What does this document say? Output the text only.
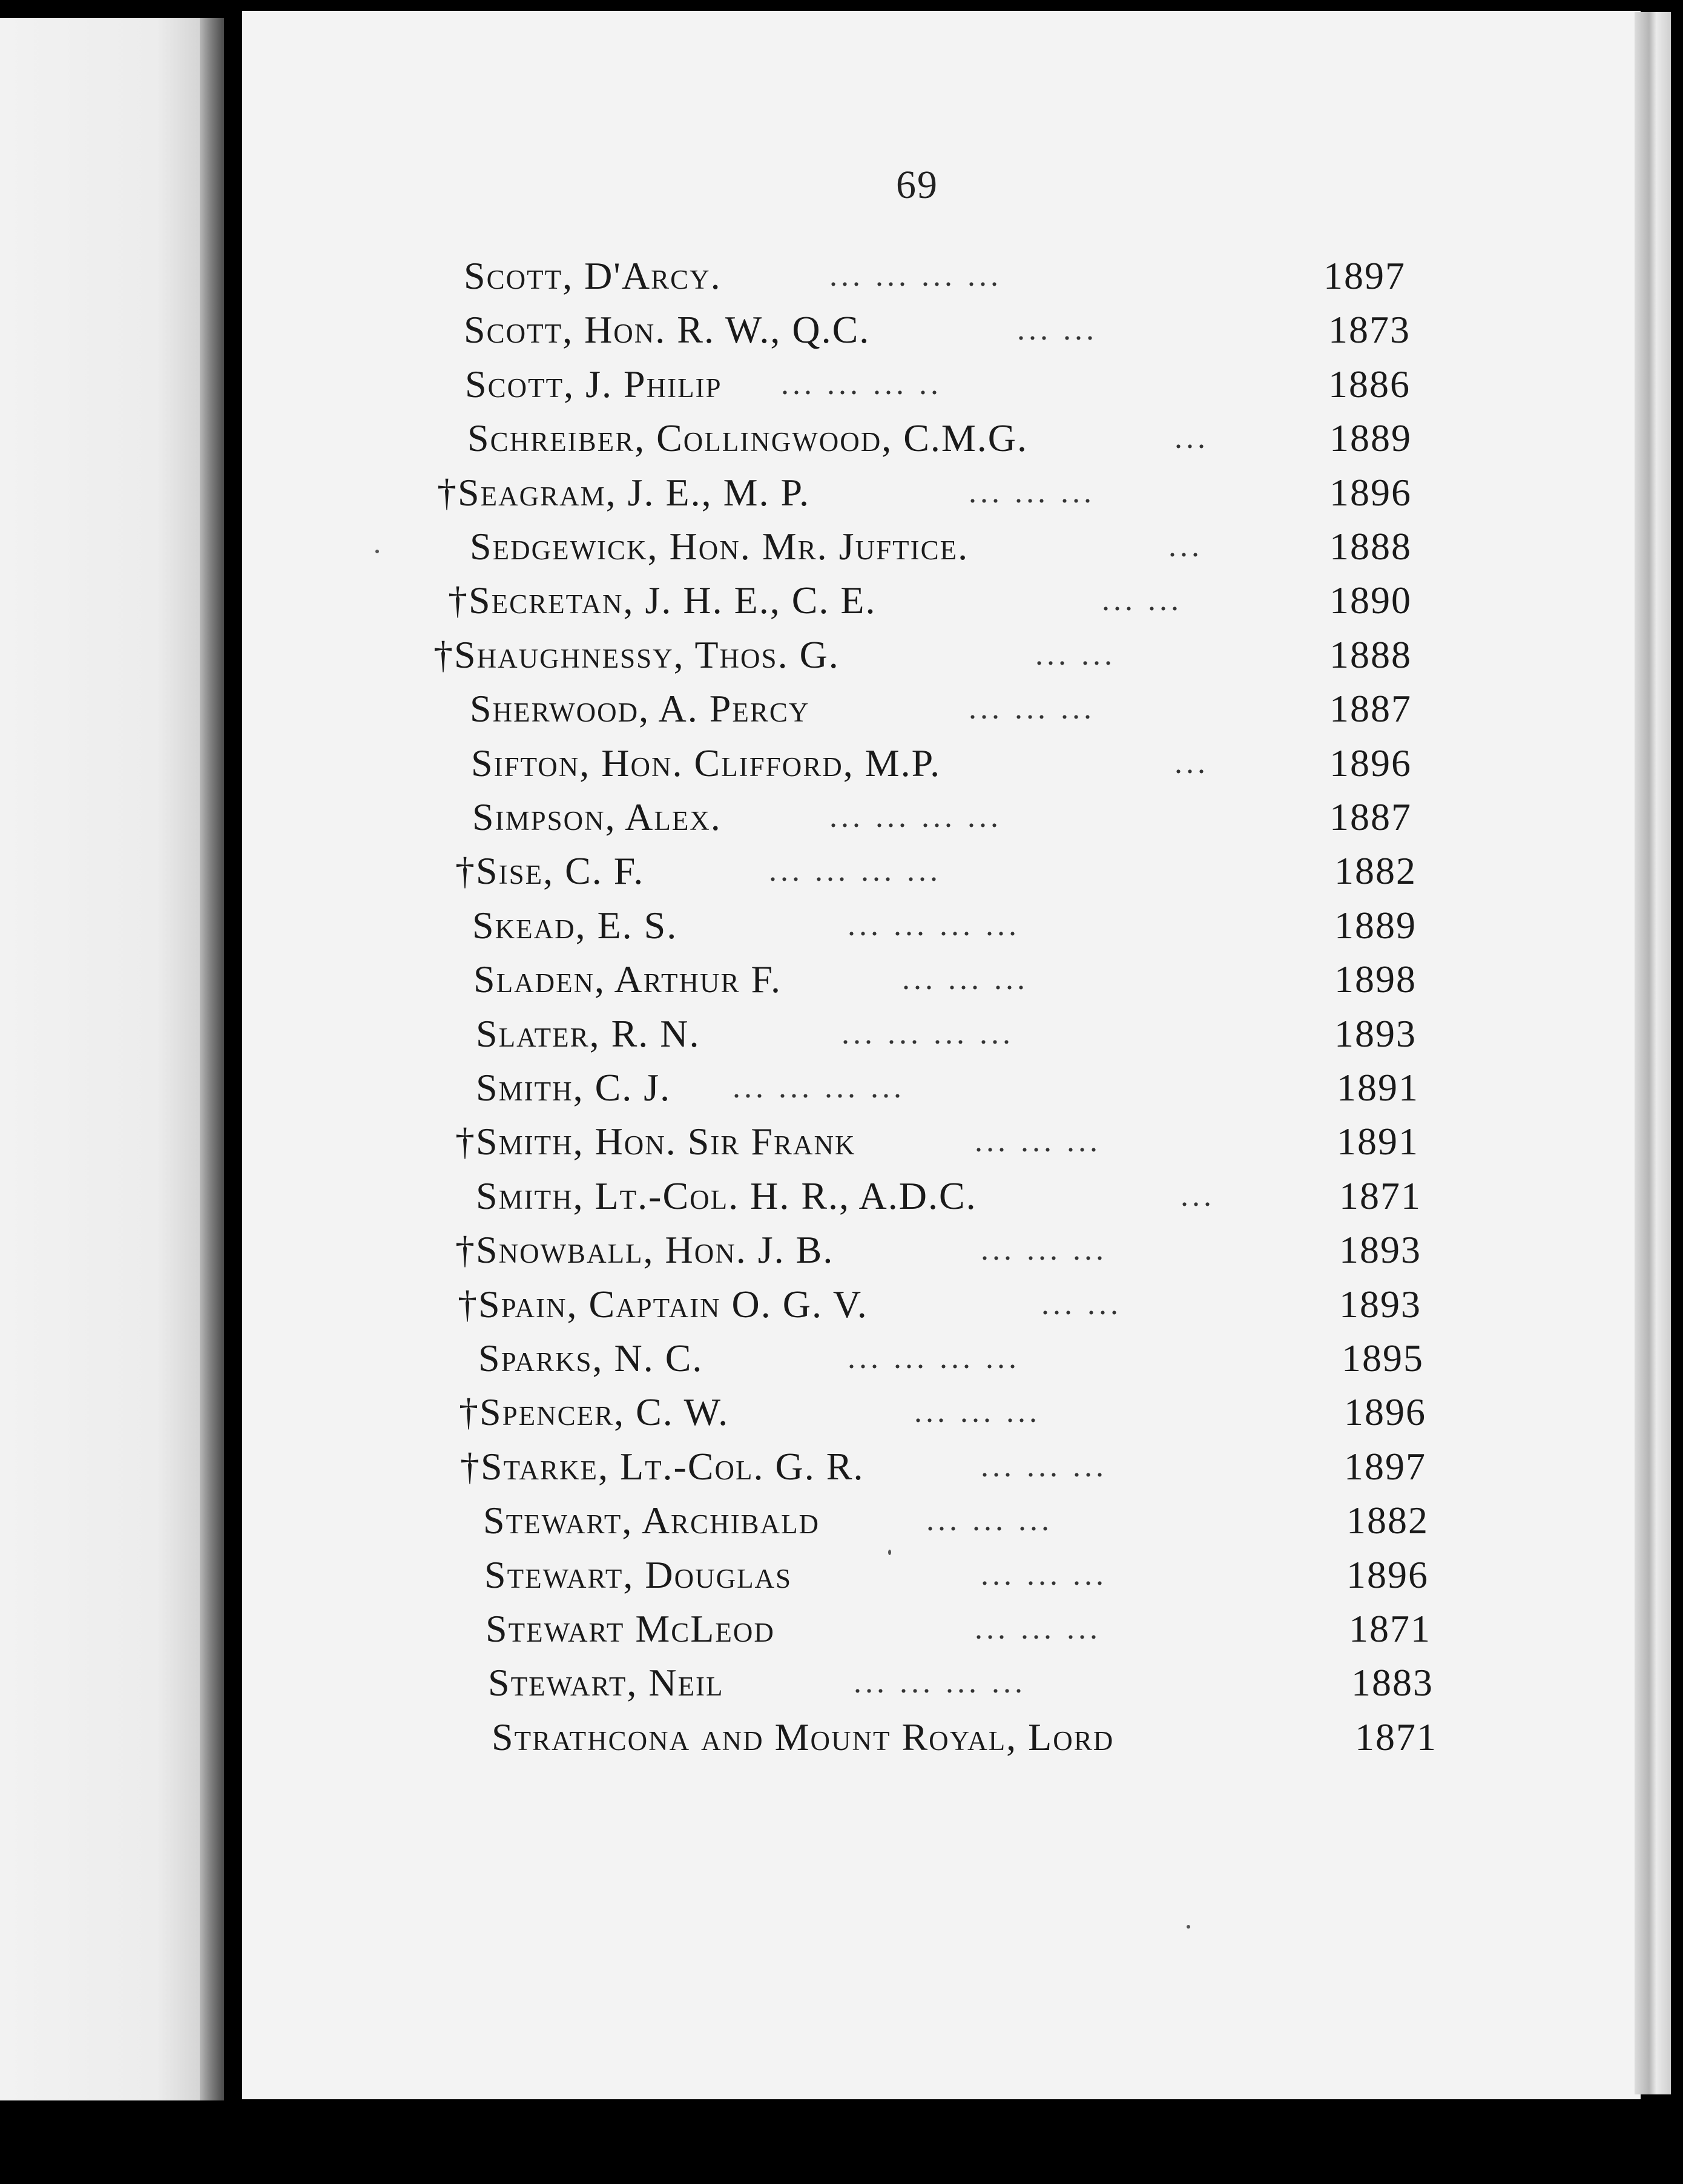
69
Scott, D'Arcy.	... ... ... ...	1897
Scott, Hon. R. W., Q.C.	... ...	1873
Scott, J. Philip ... ... ... ..	1886
Schreiber, Collingwood, C.M.G.	...	1889
†Seagram, J. E., M. P.	... ... ...	1896
Sedgewick, Hon. Mr. Juftice.	...	1888
†Secretan, J. H. E., C. E.	... ...	1890
†Shaughnessy, Thos. G.	... ...	1888
Sherwood, A. Percy	... ... ...	1887
Sifton, Hon. Clifford, M.P.	...	1896
Simpson, Alex.	... ... ... ...	1887
†Sise, C. F.	... ... ... ...	1882
Skead, E. S.	... ... ... ...	1889
Sladen, Arthur F.	... ... ...	1898
Slater, R. N.	... ... ... ...	1893
Smith, C. J. ... ... ... ...	1891
†Smith, Hon. Sir Frank	... ... ...	1891
Smith, Lt.-Col. H. R., A.D.C.	...	1871
†Snowball, Hon. J. B.	... ... ...	1893
†Spain, Captain O. G. V.	... ...	1893
Sparks, N. C.	... ... ... ...	1895
†Spencer, C. W.	... ... ...	1896
†Starke, Lt.-Col. G. R.	... ... ...	1897
Stewart, Archibald	... ... ...	1882
Stewart, Douglas	... ... ...	1896
Stewart McLeod	... ... ...	1871
Stewart, Neil	... ... ... ...	1883
Strathcona and Mount Royal, Lord	1871
